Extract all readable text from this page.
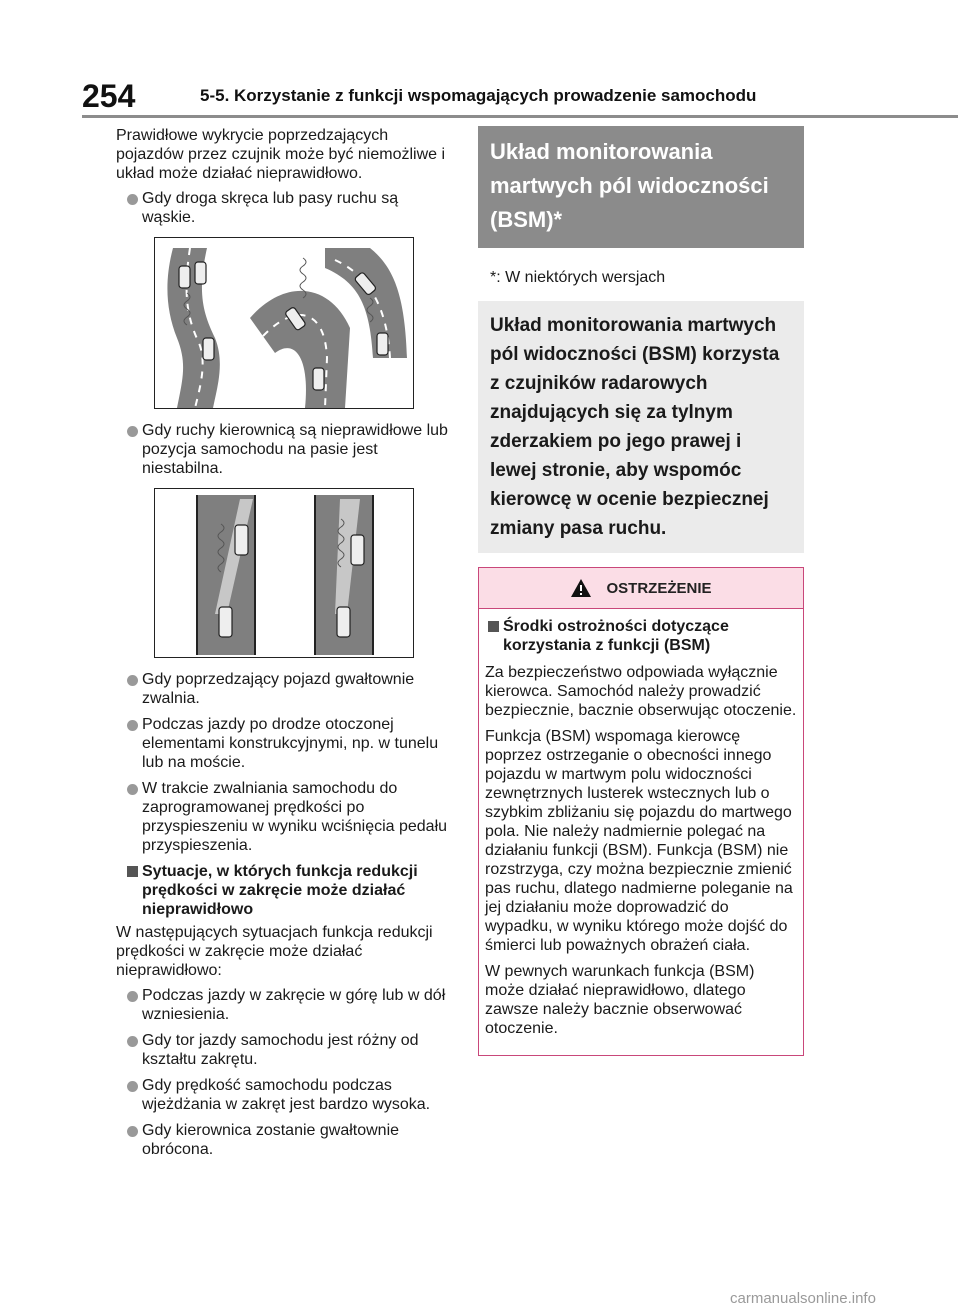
254	5-5. Korzystanie z funkcji wspomagających prowadzenie samochodu

Prawidłowe wykrycie poprzedzających pojazdów przez czujnik może być niemożliwe i układ może działać nieprawidłowo.

Gdy droga skręca lub pasy ruchu są wąskie.
Gdy ruchy kierownicą są nieprawidłowe lub pozycja samochodu na pasie jest niestabilna.
Gdy poprzedzający pojazd gwałtownie zwalnia.
Podczas jazdy po drodze otoczonej elementami konstrukcyjnymi, np. w tunelu lub na moście.
W trakcie zwalniania samochodu do zaprogramowanej prędkości po przyspieszeniu w wyniku wciśnięcia pedału przyspieszenia.
Sytuacje, w których funkcja redukcji prędkości w zakręcie może działać nieprawidłowo

W następujących sytuacjach funkcja redukcji prędkości w zakręcie może działać nieprawidłowo:

Podczas jazdy w zakręcie w górę lub w dół wzniesienia.
Gdy tor jazdy samochodu jest różny od kształtu zakrętu.
Gdy prędkość samochodu podczas wjeżdżania w zakręt jest bardzo wysoka.
Gdy kierownica zostanie gwałtownie obrócona.
Układ monitorowania martwych pól widoczności (BSM)*
*: W niektórych wersjach
Układ monitorowania martwych pól widoczności (BSM) korzystа z czujników radarowych znajdujących się za tylnym zderzakiem po jego prawej i lewej stronie, aby wspomóc kierowcę w ocenie bezpiecznej zmiany pasa ruchu.
OSTRZEŻENIE
Środki ostrożności dotyczące korzystania z funkcji (BSM)

Za bezpieczeństwo odpowiada wyłącznie kierowca. Samochód należy prowadzić bezpiecznie, bacznie obserwując otoczenie.

Funkcja (BSM) wspomaga kierowcę poprzez ostrzeganie o obecności innego pojazdu w martwym polu widoczności zewnętrznych lusterek wstecznych lub o szybkim zbliżaniu się pojazdu do martwego pola. Nie należy nadmiernie polegać na działaniu funkcji (BSM). Funkcja (BSM) nie rozstrzyga, czy można bezpiecznie zmienić pas ruchu, dlatego nadmierne poleganie na jej działaniu może doprowadzić do wypadku, w wyniku którego może dojść do śmierci lub poważnych obrażeń ciała.

W pewnych warunkach funkcja (BSM) może działać nieprawidłowo, dlatego zawsze należy bacznie obserwować otoczenie.

carmanualsonline.info
